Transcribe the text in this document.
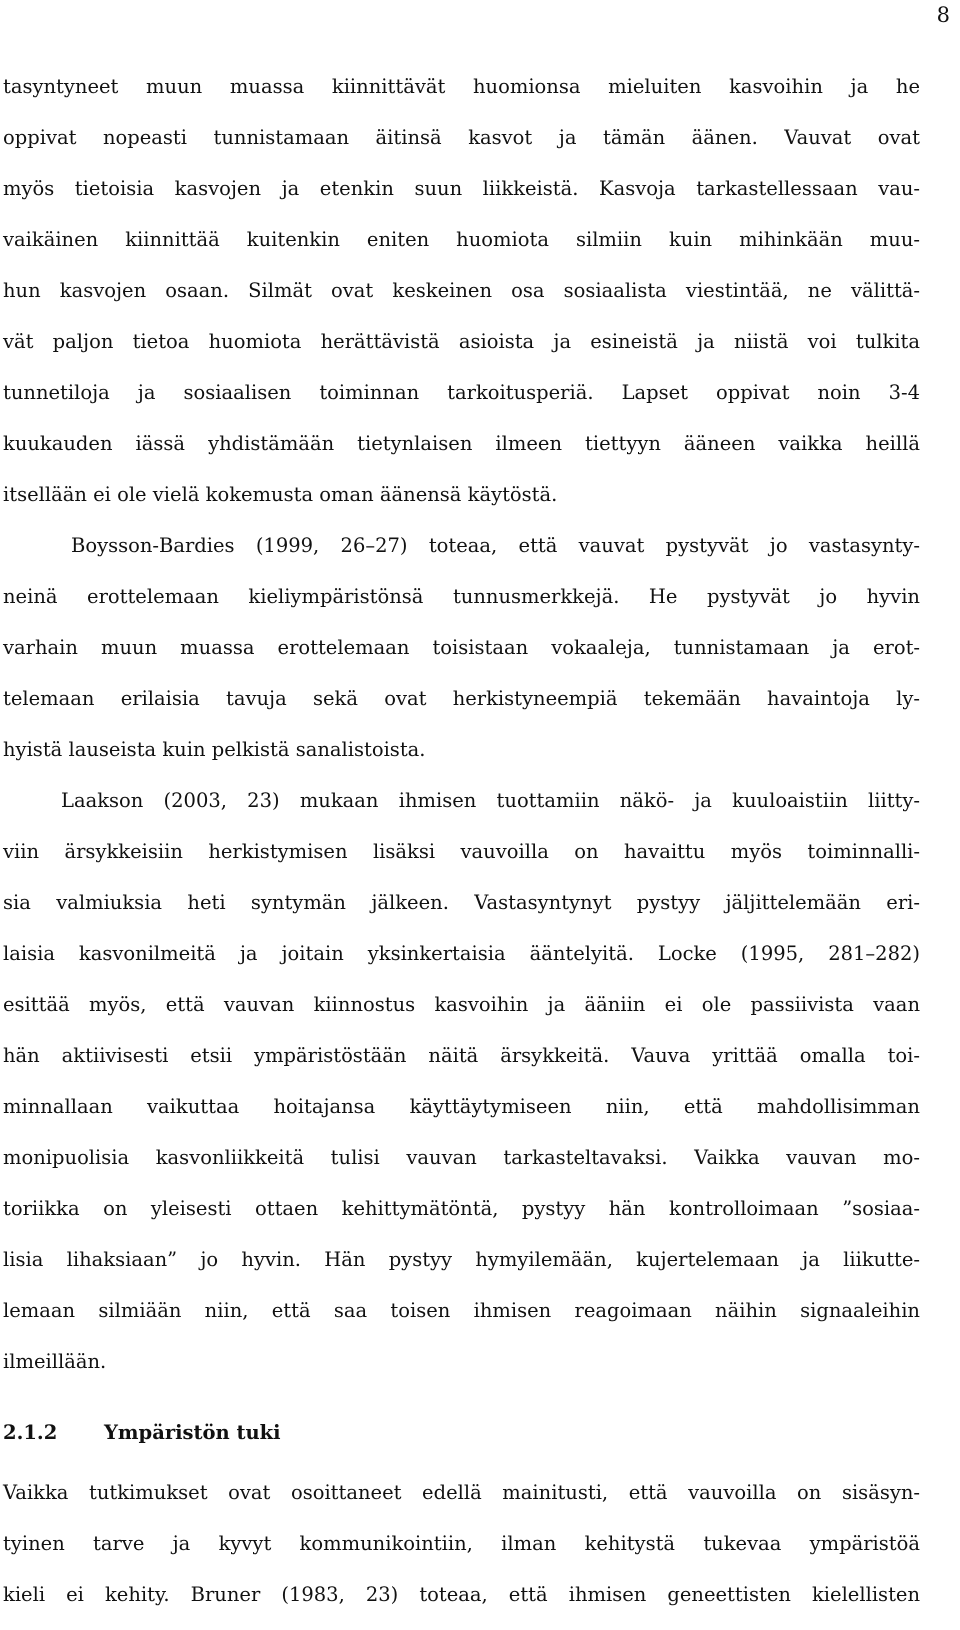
8
tasyntyneet muun muassa kiinnittävät huomionsa mieluiten kasvoihin ja he
oppivat nopeasti tunnistamaan äitinsä kasvot ja tämän äänen. Vauvat ovat
myös tietoisia kasvojen ja etenkin suun liikkeistä. Kasvoja tarkastellessaan vau-
vaikäinen kiinnittää kuitenkin eniten huomiota silmiin kuin mihinkään muu-
hun kasvojen osaan. Silmät ovat keskeinen osa sosiaalista viestintää, ne välittä-
vät paljon tietoa huomiota herättävistä asioista ja esineistä ja niistä voi tulkita
tunnetiloja ja sosiaalisen toiminnan tarkoitusperiä. Lapset oppivat noin 3-4
kuukauden iässä yhdistämään tietynlaisen ilmeen tiettyyn ääneen vaikka heillä
itsellään ei ole vielä kokemusta oman äänensä käytöstä.
Boysson-Bardies (1999, 26–27) toteaa, että vauvat pystyvät jo vastasynty-
neinä erottelemaan kieliympäristönsä tunnusmerkkejä. He pystyvät jo hyvin
varhain muun muassa erottelemaan toisistaan vokaaleja, tunnistamaan ja erot-
telemaan erilaisia tavuja sekä ovat herkistyneempiä tekemään havaintoja ly-
hyistä lauseista kuin pelkistä sanalistoista.
Laakson (2003, 23) mukaan ihmisen tuottamiin näkö- ja kuuloaistiin liitty-
viin ärsykkeisiin herkistymisen lisäksi vauvoilla on havaittu myös toiminnalli-
sia valmiuksia heti syntymän jälkeen. Vastasyntynyt pystyy jäljittelemään eri-
laisia kasvonilmeitä ja joitain yksinkertaisia ääntelyitä. Locke (1995, 281–282)
esittää myös, että vauvan kiinnostus kasvoihin ja ääniin ei ole passiivista vaan
hän aktiivisesti etsii ympäristöstään näitä ärsykkeitä. Vauva yrittää omalla toi-
minnallaan vaikuttaa hoitajansa käyttäytymiseen niin, että mahdollisimman
monipuolisia kasvonliikkeitä tulisi vauvan tarkasteltavaksi. Vaikka vauvan mo-
toriikka on yleisesti ottaen kehittymätöntä, pystyy hän kontrolloimaan ”sosiaa-
lisia lihaksiaan” jo hyvin. Hän pystyy hymyilemään, kujertelemaan ja liikutte-
lemaan silmiään niin, että saa toisen ihmisen reagoimaan näihin signaaleihin
ilmeillään.
2.1.2 Ympäristön tuki
Vaikka tutkimukset ovat osoittaneet edellä mainitusti, että vauvoilla on sisäsyn-
tyinen tarve ja kyvyt kommunikointiin, ilman kehitystä tukevaa ympäristöä
kieli ei kehity. Bruner (1983, 23) toteaa, että ihmisen geneettisten kielellisten
